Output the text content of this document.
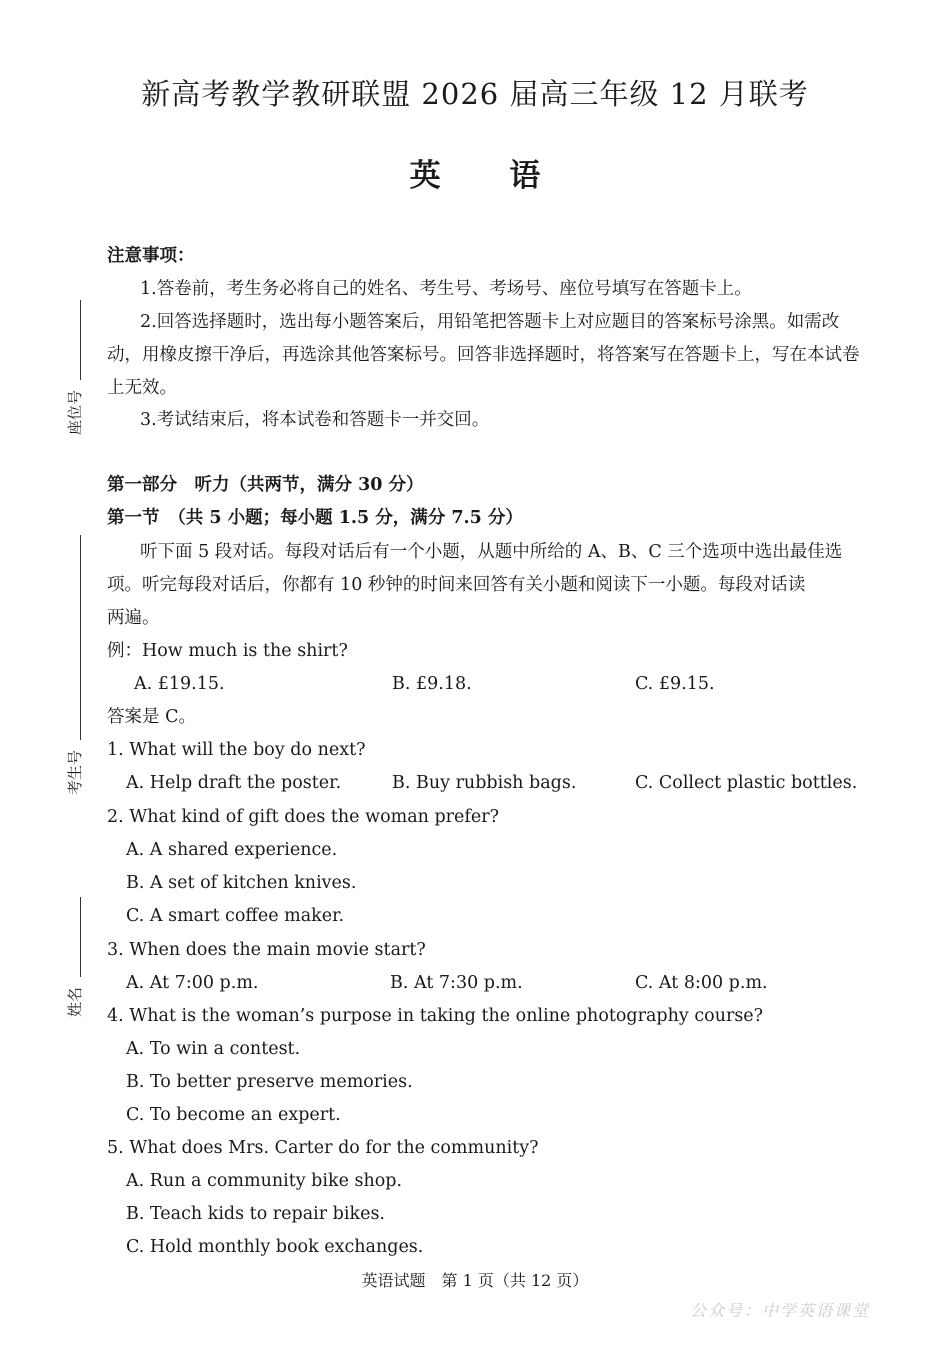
新高考教学教研联盟 2026 届高三年级 12 月联考
英 语
座位号
考生号
姓名
注意事项：
1.答卷前，考生务必将自己的姓名、考生号、考场号、座位号填写在答题卡上。
2.回答选择题时，选出每小题答案后，用铅笔把答题卡上对应题目的答案标号涂黑。如需改
动，用橡皮擦干净后，再选涂其他答案标号。回答非选择题时，将答案写在答题卡上，写在本试卷
上无效。
3.考试结束后，将本试卷和答题卡一并交回。
第一部分　听力（共两节，满分 30 分）
第一节　（共 5 小题；每小题 1.5 分，满分 7.5 分）
听下面 5 段对话。每段对话后有一个小题，从题中所给的 A、B、C 三个选项中选出最佳选
项。听完每段对话后，你都有 10 秒钟的时间来回答有关小题和阅读下一小题。每段对话读
两遍。
例：How much is the shirt?
A. £19.15.	B. £9.18.	C. £9.15.
答案是 C。
1. What will the boy do next?
A. Help draft the poster.	B. Buy rubbish bags.	C. Collect plastic bottles.
2. What kind of gift does the woman prefer?
A. A shared experience.
B. A set of kitchen knives.
C. A smart coffee maker.
3. When does the main movie start?
A. At 7:00 p.m.	B. At 7:30 p.m.	C. At 8:00 p.m.
4. What is the woman’s purpose in taking the online photography course?
A. To win a contest.
B. To better preserve memories.
C. To become an expert.
5. What does Mrs. Carter do for the community?
A. Run a community bike shop.
B. Teach kids to repair bikes.
C. Hold monthly book exchanges.
英语试题　第 1 页（共 12 页）
公众号：中学英语课堂
